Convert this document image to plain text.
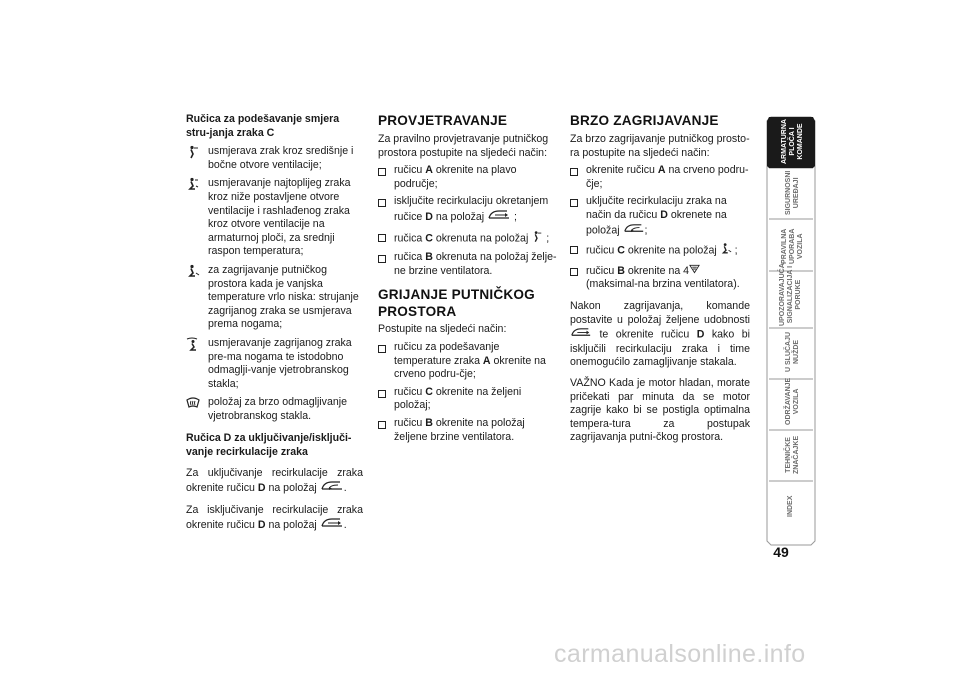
Ručica za podešavanje smjera stru-janja zraka C

usmjerava zrak kroz središnje i bočne otvore ventilacije;
usmjeravanje najtoplijeg zraka kroz niže postavljene otvore ventilacije i rashlađenog zraka kroz otvore ventilacije na armaturnoj ploči, za srednji raspon temperatura;
za zagrijavanje putničkog prostora kada je vanjska temperature vrlo niska: strujanje zagrijanog zraka se usmjerava prema nogama;
usmjeravanje zagrijanog zraka pre-ma nogama te istodobno odmaglji-vanje vjetrobranskog stakla;
položaj za brzo odmagljivanje vjetrobranskog stakla.

Ručica D za uključivanje/isključi-vanje recirkulacije zraka

Za uključivanje recirkulacije zraka okrenite ručicu D na položaj	.

Za isključivanje recirkulacije zraka okrenite ručicu D na položaj	.

PROVJETRAVANJE

Za pravilno provjetravanje putničkog prostora postupite na sljedeći način:

ručicu A okrenite na plavo područje;
isključite recirkulaciju okretanjem ručice D na položaj	;
ručica C okrenuta na položaj ;
ručica B okrenuta na položaj želje-ne brzine ventilatora.

GRIJANJE PUTNIČKOG PROSTORA

Postupite na sljedeći način:

ručicu za podešavanje temperature zraka A okrenite na crveno podru-čje;
ručicu C okrenite na željeni položaj;
ručicu B okrenite na položaj željene brzine ventilatora.

BRZO ZAGRIJAVANJE

Za brzo zagrijavanje putničkog prosto-ra postupite na sljedeći način:

okrenite ručicu A na crveno podru-čje;
uključite recirkulaciju zraka na način da ručicu D okrenete na položaj ;
ručicu C okrenite na položaj ;
ručicu B okrenite na 4(maksimal-na brzina ventilatora).

Nakon zagrijavanja, komande postavite u položaj željene udobnosti  te okrenite ručicu D kako bi isključili recirkulaciju zraka i time onemogućilo zamagljivanje stakala.

VAŽNO Kada je motor hladan, morate pričekati par minuta da se motor zagrije kako bi se postigla optimalna tempera-tura za postupak zagrijavanja putni-čkog prostora.

ARMATURNA
PLOČA I
KOMANDE
SIGURNOSNI
UREĐAJI
PRAVILNA
UPORABA
VOZILA
UPOZORAVAJUĆA
SIGNALIZACIJA I
PORUKE
U SLUČAJU
NUŽDE
ODRŽAVANJE
VOZILA
TEHNIČKE
ZNAČAJKE
INDEX
49
carmanualsonline.info
